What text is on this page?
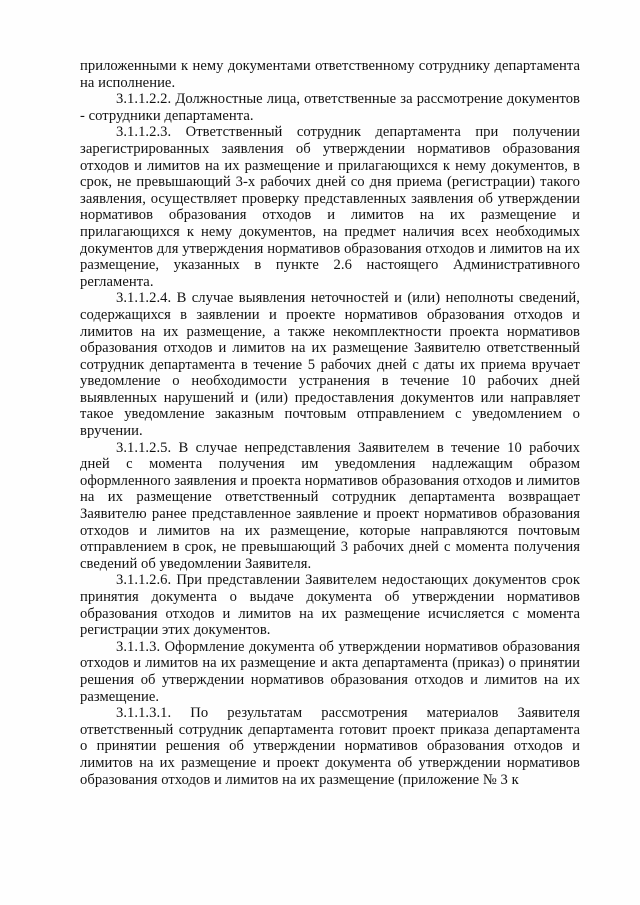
приложенными к нему документами ответственному сотруднику департамента на исполнение.

3.1.1.2.2. Должностные лица, ответственные за рассмотрение документов - сотрудники департамента.

3.1.1.2.3. Ответственный сотрудник департамента при получении зарегистрированных заявления об утверждении нормативов образования отходов и лимитов на их размещение и прилагающихся к нему документов, в срок, не превышающий 3-х рабочих дней со дня приема (регистрации) такого заявления, осуществляет проверку представленных заявления об утверждении нормативов образования отходов и лимитов на их размещение и прилагающихся к нему документов, на предмет наличия всех необходимых документов для утверждения нормативов образования отходов и лимитов на их размещение, указанных в пункте 2.6 настоящего Административного регламента.

3.1.1.2.4. В случае выявления неточностей и (или) неполноты сведений, содержащихся в заявлении и проекте нормативов образования отходов и лимитов на их размещение, а также некомплектности проекта нормативов образования отходов и лимитов на их размещение Заявителю ответственный сотрудник департамента в течение 5 рабочих дней с даты их приема вручает уведомление о необходимости устранения в течение 10 рабочих дней выявленных нарушений и (или) предоставления документов или направляет такое уведомление заказным почтовым отправлением с уведомлением о вручении.

3.1.1.2.5. В случае непредставления Заявителем в течение 10 рабочих дней с момента получения им уведомления надлежащим образом оформленного заявления и проекта нормативов образования отходов и лимитов на их размещение ответственный сотрудник департамента возвращает Заявителю ранее представленное заявление и проект нормативов образования отходов и лимитов на их размещение, которые направляются почтовым отправлением в срок, не превышающий 3 рабочих дней с момента получения сведений об уведомлении Заявителя.

3.1.1.2.6. При представлении Заявителем недостающих документов срок принятия документа о выдаче документа об утверждении нормативов образования отходов и лимитов на их размещение исчисляется с момента регистрации этих документов.

3.1.1.3. Оформление документа об утверждении нормативов образования отходов и лимитов на их размещение и акта департамента (приказ) о принятии решения об утверждении нормативов образования отходов и лимитов на их размещение.

3.1.1.3.1. По результатам рассмотрения материалов Заявителя ответственный сотрудник департамента готовит проект приказа департамента о принятии решения об утверждении нормативов образования отходов и лимитов на их размещение и проект документа об утверждении нормативов образования отходов и лимитов на их размещение (приложение № 3 к
